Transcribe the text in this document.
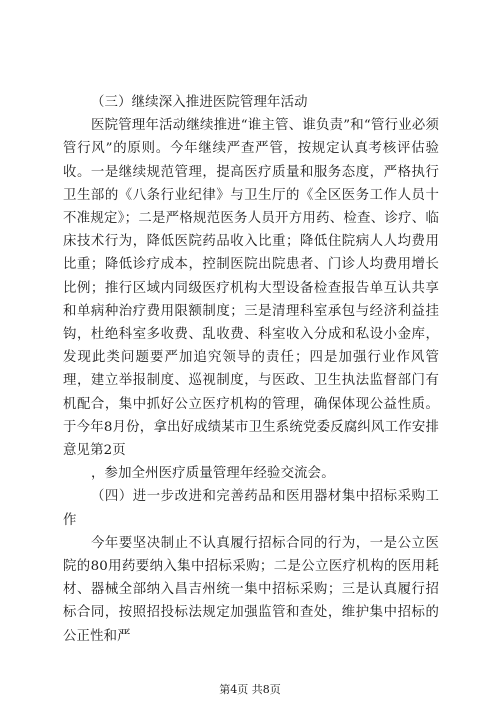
（三）继续深入推进医院管理年活动

医院管理年活动继续推进“谁主管、谁负责”和“管行业必须管行风”的原则。今年继续严查严管，按规定认真考核评估验收。一是继续规范管理，提高医疗质量和服务态度，严格执行卫生部的《八条行业纪律》与卫生厅的《全区医务工作人员十不准规定》；二是严格规范医务人员开方用药、检查、诊疗、临床技术行为，降低医院药品收入比重；降低住院病人人均费用比重；降低诊疗成本，控制医院出院患者、门诊人均费用增长比例；推行区域内同级医疗机构大型设备检查报告单互认共享和单病种治疗费用限额制度；三是清理科室承包与经济利益挂钩，杜绝科室多收费、乱收费、科室收入分成和私设小金库，发现此类问题要严加追究领导的责任；四是加强行业作风管理，建立举报制度、巡视制度，与医政、卫生执法监督部门有机配合，集中抓好公立医疗机构的管理，确保体现公益性质。于今年8月份，拿出好成绩某市卫生系统党委反腐纠风工作安排意见第2页

，参加全州医疗质量管理年经验交流会。

（四）进一步改进和完善药品和医用器材集中招标采购工作

今年要坚决制止不认真履行招标合同的行为，一是公立医院的80用药要纳入集中招标采购；二是公立医疗机构的医用耗材、器械全部纳入昌吉州统一集中招标采购；三是认真履行招标合同，按照招投标法规定加强监管和查处，维护集中招标的公正性和严

第4页 共8页
